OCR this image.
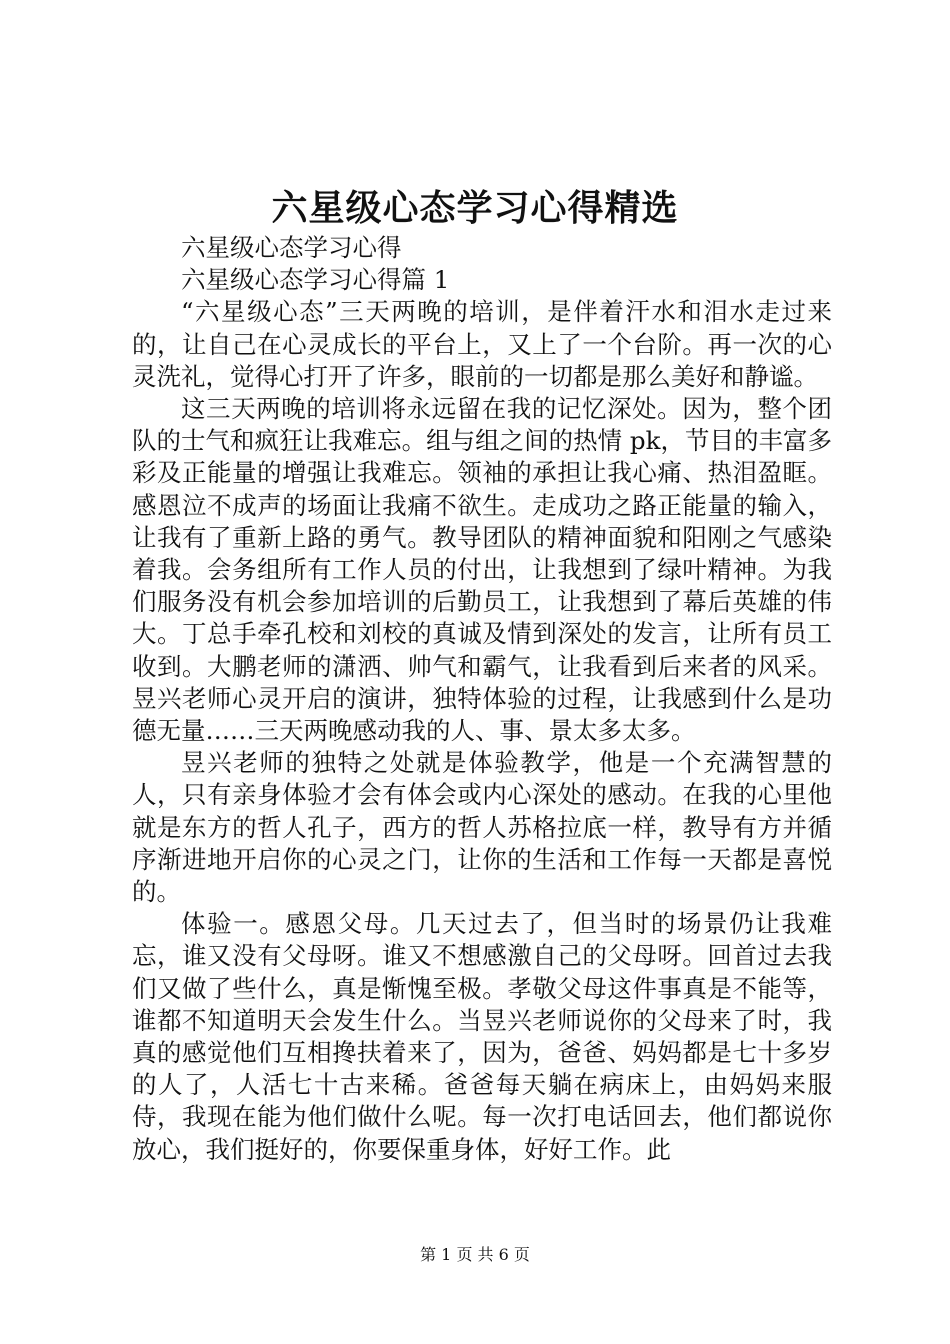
六星级心态学习心得精选

六星级心态学习心得

六星级心态学习心得篇 1

“六星级心态”三天两晚的培训，是伴着汗水和泪水走过来的，让自己在心灵成长的平台上，又上了一个台阶。再一次的心灵洗礼，觉得心打开了许多，眼前的一切都是那么美好和静谧。

这三天两晚的培训将永远留在我的记忆深处。因为，整个团队的士气和疯狂让我难忘。组与组之间的热情 pk，节目的丰富多彩及正能量的增强让我难忘。领袖的承担让我心痛、热泪盈眶。感恩泣不成声的场面让我痛不欲生。走成功之路正能量的输入，让我有了重新上路的勇气。教导团队的精神面貌和阳刚之气感染着我。会务组所有工作人员的付出，让我想到了绿叶精神。为我们服务没有机会参加培训的后勤员工，让我想到了幕后英雄的伟大。丁总手牵孔校和刘校的真诚及情到深处的发言，让所有员工收到。大鹏老师的潇洒、帅气和霸气，让我看到后来者的风采。昱兴老师心灵开启的演讲，独特体验的过程，让我感到什么是功德无量……三天两晚感动我的人、事、景太多太多。

昱兴老师的独特之处就是体验教学，他是一个充满智慧的人，只有亲身体验才会有体会或内心深处的感动。在我的心里他就是东方的哲人孔子，西方的哲人苏格拉底一样，教导有方并循序渐进地开启你的心灵之门，让你的生活和工作每一天都是喜悦的。

体验一。感恩父母。几天过去了，但当时的场景仍让我难忘，谁又没有父母呀。谁又不想感激自己的父母呀。回首过去我们又做了些什么，真是惭愧至极。孝敬父母这件事真是不能等，谁都不知道明天会发生什么。当昱兴老师说你的父母来了时，我真的感觉他们互相搀扶着来了，因为，爸爸、妈妈都是七十多岁的人了，人活七十古来稀。爸爸每天躺在病床上，由妈妈来服侍，我现在能为他们做什么呢。每一次打电话回去，他们都说你放心，我们挺好的，你要保重身体，好好工作。此

第 1 页 共 6 页
